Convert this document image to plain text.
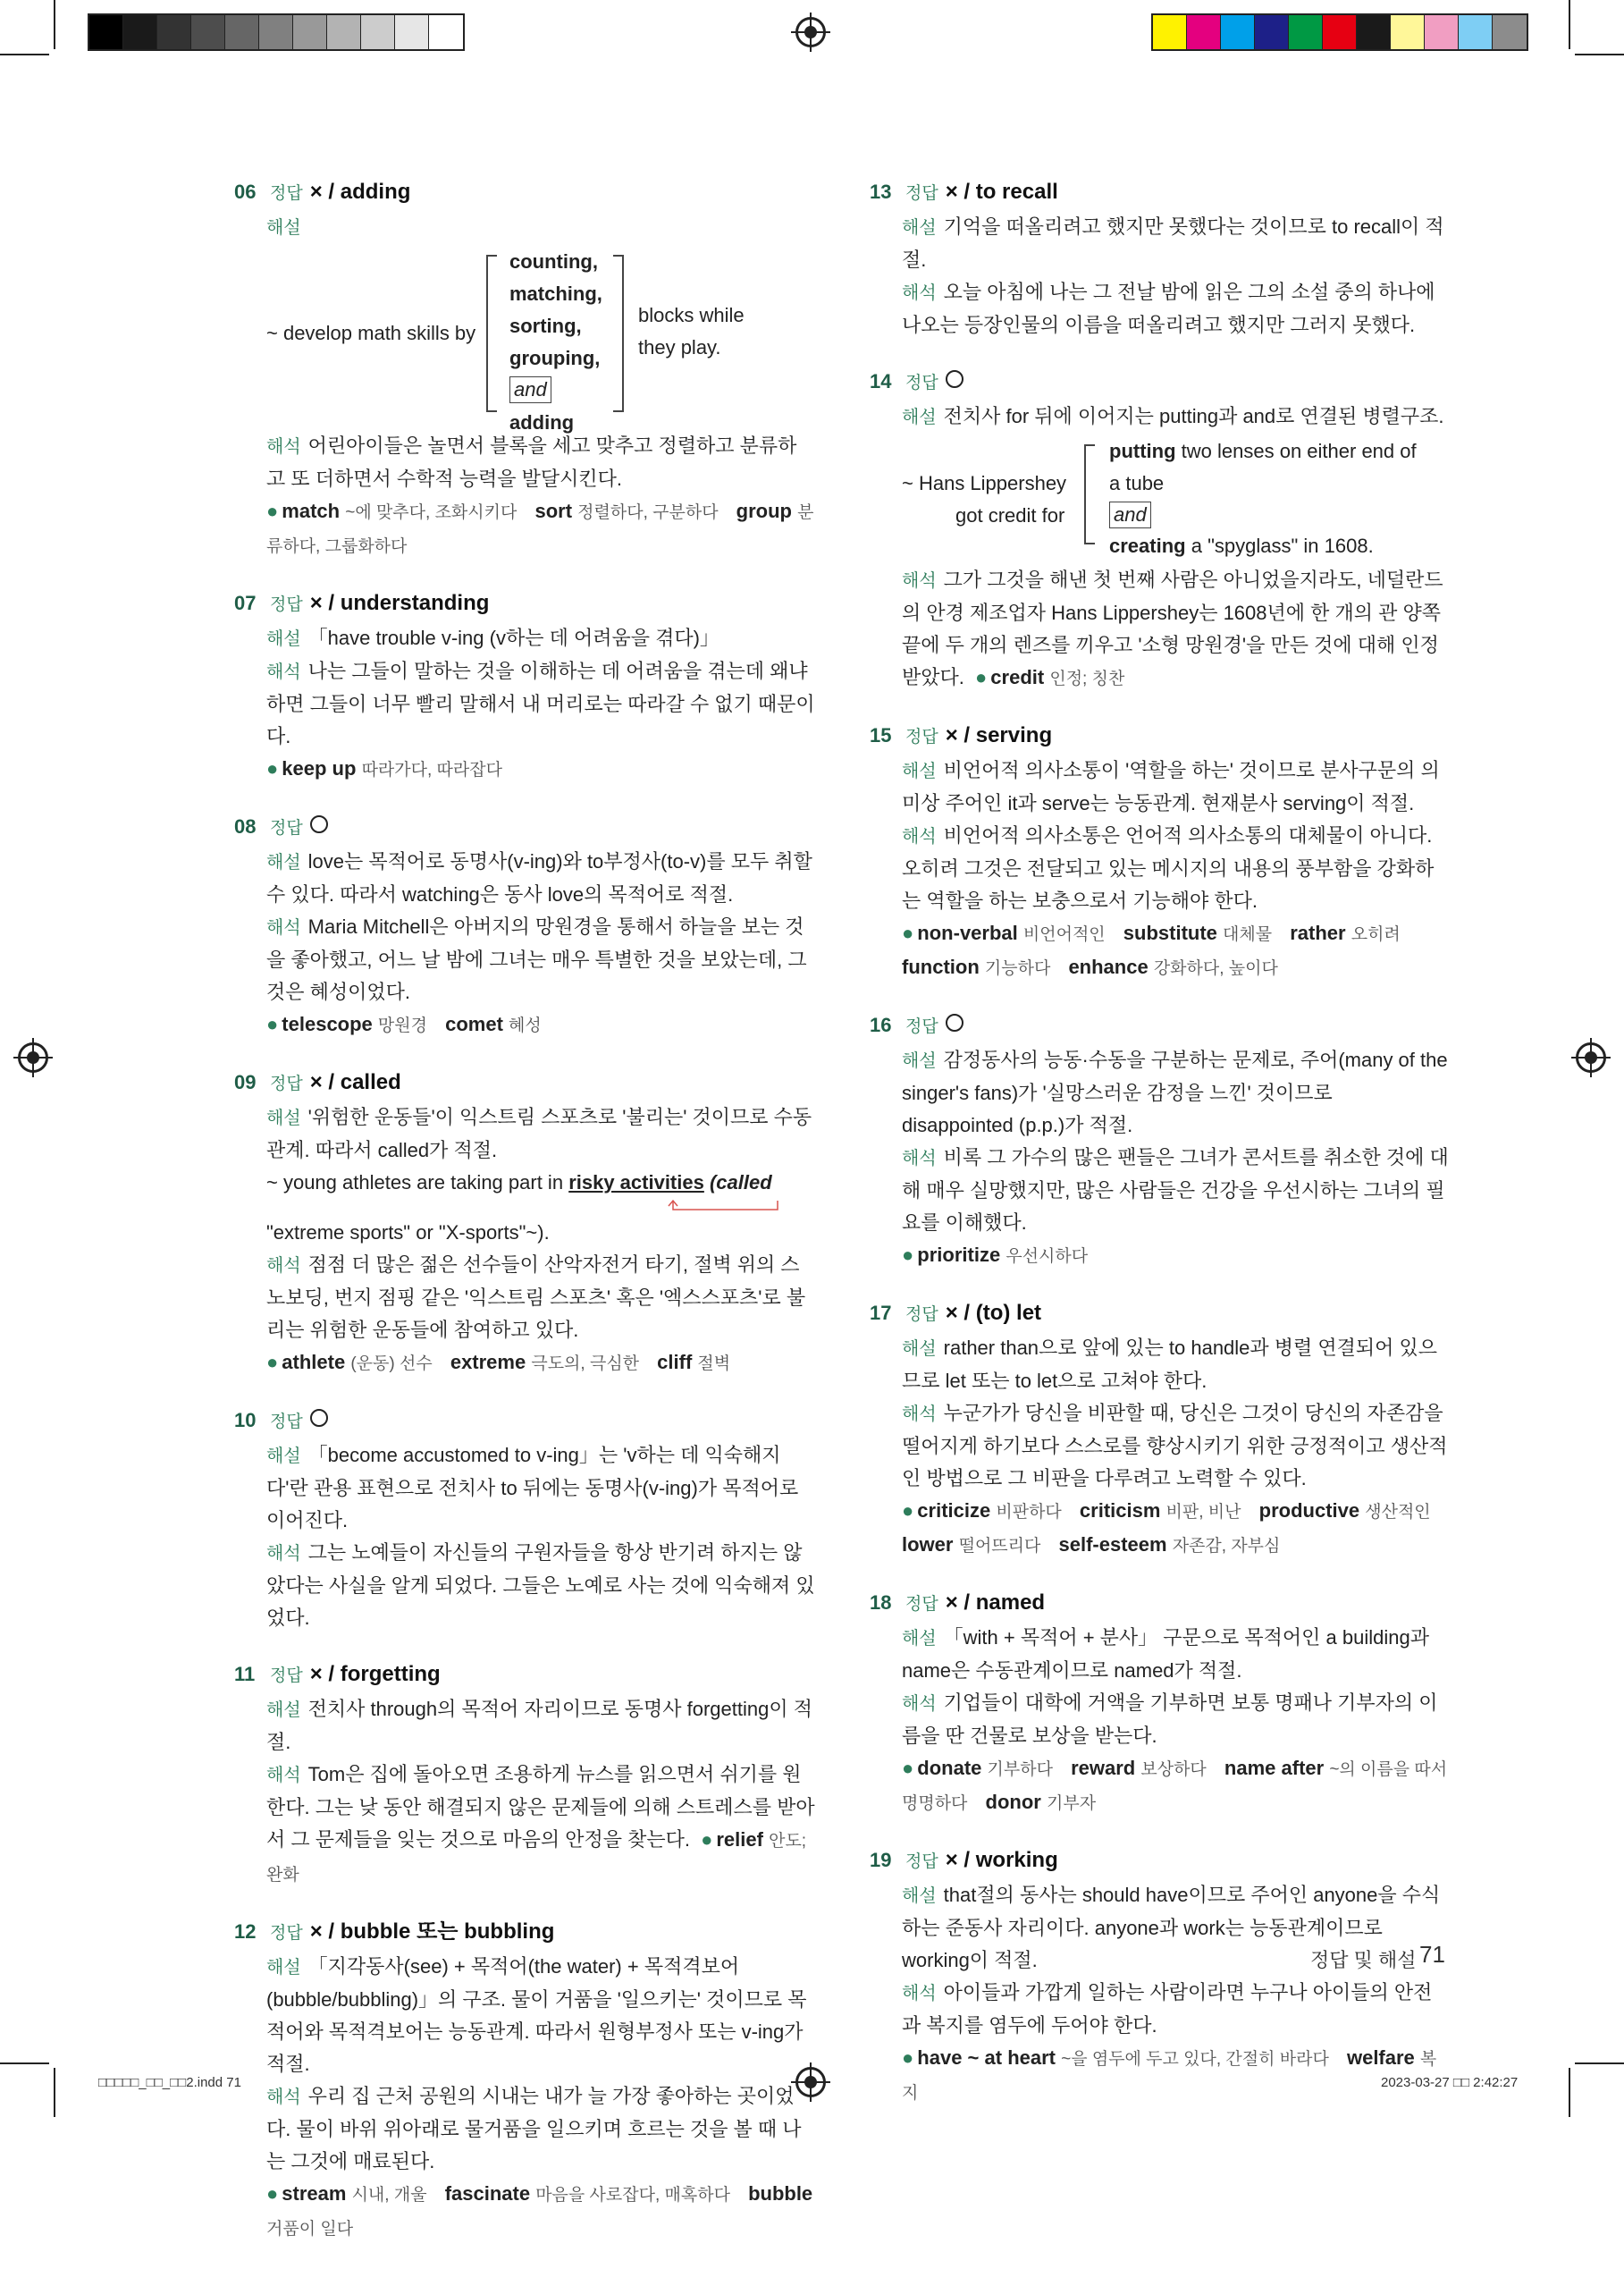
06 정답 × / adding
해설
~ develop math skills by
counting,
matching,
sorting,
grouping,
and
adding
blocks while
they play.
해석 어린아이들은 놀면서 블록을 세고 맞추고 정렬하고 분류하고 또 더하면서 수학적 능력을 발달시킨다.
● match ~에 맞추다, 조화시키다 sort 정렬하다, 구분하다 group 분류하다, 그룹화하다
07 정답 × / understanding
해설 「have trouble v-ing (v하는 데 어려움을 겪다)」
해석 나는 그들이 말하는 것을 이해하는 데 어려움을 겪는데 왜냐하면 그들이 너무 빨리 말해서 내 머리로는 따라갈 수 없기 때문이다.
● keep up 따라가다, 따라잡다
08 정답
해설 love는 목적어로 동명사(v-ing)와 to부정사(to-v)를 모두 취할 수 있다. 따라서 watching은 동사 love의 목적어로 적절.
해석 Maria Mitchell은 아버지의 망원경을 통해서 하늘을 보는 것을 좋아했고, 어느 날 밤에 그녀는 매우 특별한 것을 보았는데, 그것은 혜성이었다.
● telescope 망원경 comet 혜성
09 정답 × / called
해설 '위험한 운동들'이 익스트림 스포츠로 '불리는' 것이므로 수동관계. 따라서 called가 적절.
~ young athletes are taking part in risky activities (called
"extreme sports" or "X-sports"~).
해석 점점 더 많은 젊은 선수들이 산악자전거 타기, 절벽 위의 스노보딩, 번지 점핑 같은 '익스트림 스포츠' 혹은 '엑스스포츠'로 불리는 위험한 운동들에 참여하고 있다.
● athlete (운동) 선수 extreme 극도의, 극심한 cliff 절벽
10 정답
해설 「become accustomed to v-ing」는 'v하는 데 익숙해지다'란 관용 표현으로 전치사 to 뒤에는 동명사(v-ing)가 목적어로 이어진다.
해석 그는 노예들이 자신들의 구원자들을 항상 반기려 하지는 않았다는 사실을 알게 되었다. 그들은 노예로 사는 것에 익숙해져 있었다.
11 정답 × / forgetting
해설 전치사 through의 목적어 자리이므로 동명사 forgetting이 적절.
해석 Tom은 집에 돌아오면 조용하게 뉴스를 읽으면서 쉬기를 원한다. 그는 낮 동안 해결되지 않은 문제들에 의해 스트레스를 받아서 그 문제들을 잊는 것으로 마음의 안정을 찾는다. ● relief 안도; 완화
12 정답 × / bubble 또는 bubbling
해설 「지각동사(see) + 목적어(the water) + 목적격보어(bubble/bubbling)」의 구조. 물이 거품을 '일으키는' 것이므로 목적어와 목적격보어는 능동관계. 따라서 원형부정사 또는 v-ing가 적절.
해석 우리 집 근처 공원의 시내는 내가 늘 가장 좋아하는 곳이었다. 물이 바위 위아래로 물거품을 일으키며 흐르는 것을 볼 때 나는 그것에 매료된다.
● stream 시내, 개울 fascinate 마음을 사로잡다, 매혹하다 bubble 거품이 일다
13 정답 × / to recall
해설 기억을 떠올리려고 했지만 못했다는 것이므로 to recall이 적절.
해석 오늘 아침에 나는 그 전날 밤에 읽은 그의 소설 중의 하나에 나오는 등장인물의 이름을 떠올리려고 했지만 그러지 못했다.
14 정답
해설 전치사 for 뒤에 이어지는 putting과 and로 연결된 병렬구조.
~ Hans Lippershey
got credit for
putting two lenses on either end of
a tube
and
creating a "spyglass" in 1608.
해석 그가 그것을 해낸 첫 번째 사람은 아니었을지라도, 네덜란드의 안경 제조업자 Hans Lippershey는 1608년에 한 개의 관 양쪽 끝에 두 개의 렌즈를 끼우고 '소형 망원경'을 만든 것에 대해 인정받았다. ● credit 인정; 칭찬
15 정답 × / serving
해설 비언어적 의사소통이 '역할을 하는' 것이므로 분사구문의 의미상 주어인 it과 serve는 능동관계. 현재분사 serving이 적절.
해석 비언어적 의사소통은 언어적 의사소통의 대체물이 아니다. 오히려 그것은 전달되고 있는 메시지의 내용의 풍부함을 강화하는 역할을 하는 보충으로서 기능해야 한다.
● non-verbal 비언어적인 substitute 대체물 rather 오히려 function 기능하다 enhance 강화하다, 높이다
16 정답
해설 감정동사의 능동·수동을 구분하는 문제로, 주어(many of the singer's fans)가 '실망스러운 감정을 느낀' 것이므로 disappointed (p.p.)가 적절.
해석 비록 그 가수의 많은 팬들은 그녀가 콘서트를 취소한 것에 대해 매우 실망했지만, 많은 사람들은 건강을 우선시하는 그녀의 필요를 이해했다.
● prioritize 우선시하다
17 정답 × / (to) let
해설 rather than으로 앞에 있는 to handle과 병렬 연결되어 있으므로 let 또는 to let으로 고쳐야 한다.
해석 누군가가 당신을 비판할 때, 당신은 그것이 당신의 자존감을 떨어지게 하기보다 스스로를 향상시키기 위한 긍정적이고 생산적인 방법으로 그 비판을 다루려고 노력할 수 있다.
● criticize 비판하다 criticism 비판, 비난 productive 생산적인 lower 떨어뜨리다 self-esteem 자존감, 자부심
18 정답 × / named
해설 「with + 목적어 + 분사」 구문으로 목적어인 a building과 name은 수동관계이므로 named가 적절.
해석 기업들이 대학에 거액을 기부하면 보통 명패나 기부자의 이름을 딴 건물로 보상을 받는다.
● donate 기부하다 reward 보상하다 name after ~의 이름을 따서 명명하다 donor 기부자
19 정답 × / working
해설 that절의 동사는 should have이므로 주어인 anyone을 수식하는 준동사 자리이다. anyone과 work는 능동관계이므로 working이 적절.
해석 아이들과 가깝게 일하는 사람이라면 누구나 아이들의 안전과 복지를 염두에 두어야 한다.
● have ~ at heart ~을 염두에 두고 있다, 간절히 바라다 welfare 복지
정답 및 해설 71
□□□□□_□□_□□2.indd 71	2023-03-27 □□ 2:42:27
